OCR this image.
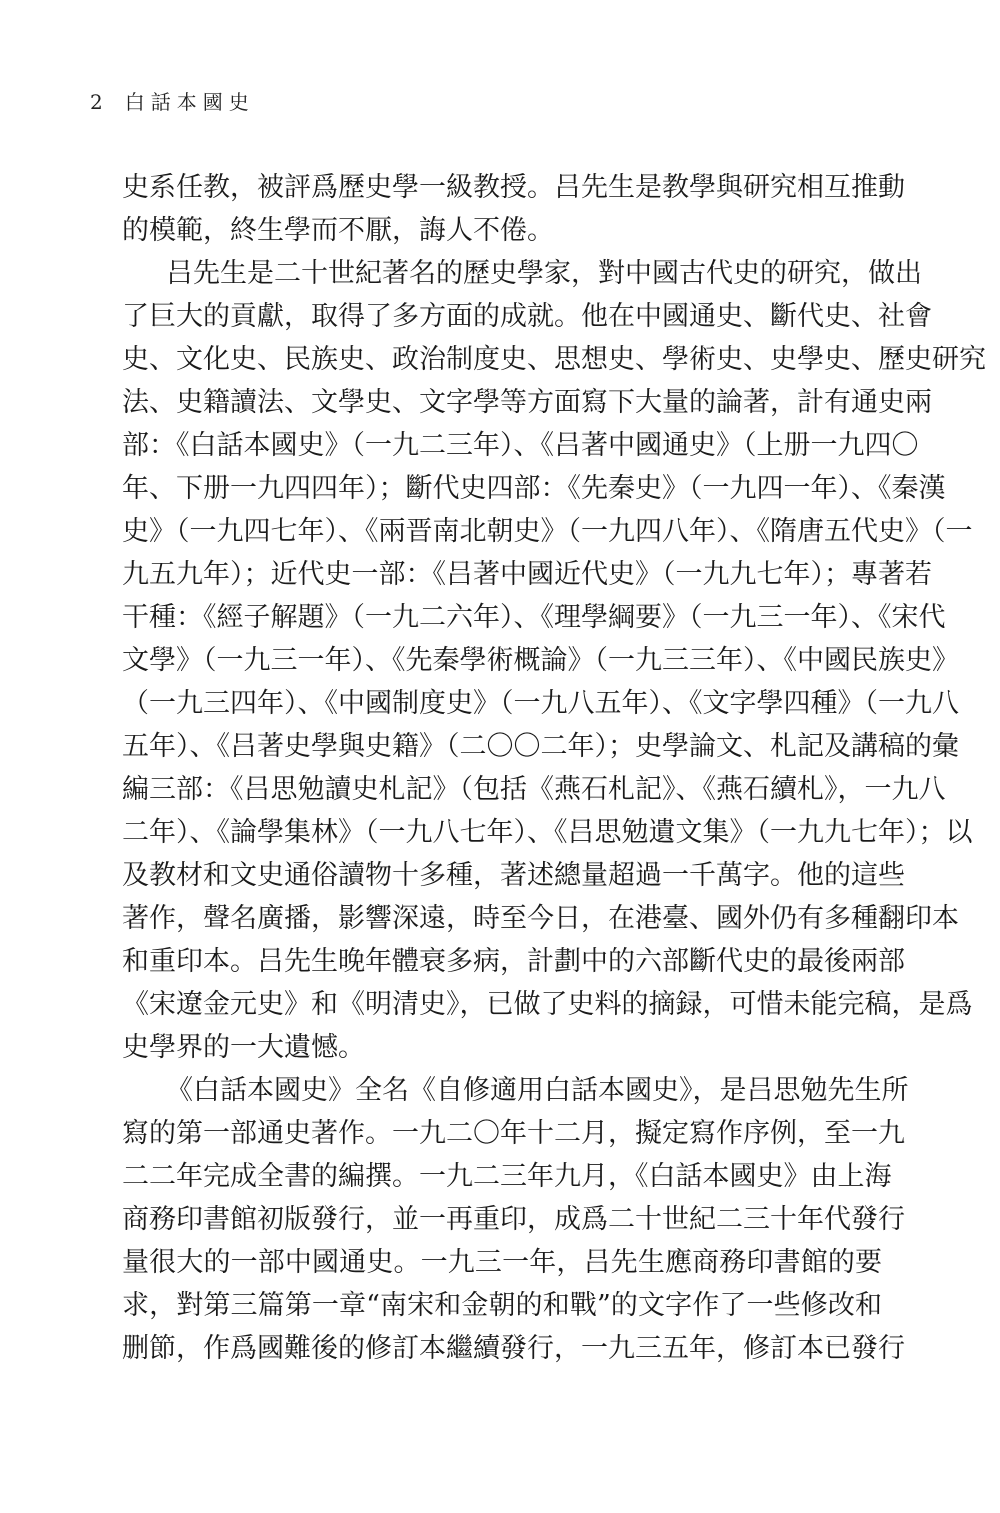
2 白話本國史
史系任教，被評爲歷史學一級教授。吕先生是教學與研究相互推動
的模範，終生學而不厭，誨人不倦。
吕先生是二十世紀著名的歷史學家，對中國古代史的研究，做出
了巨大的貢獻，取得了多方面的成就。他在中國通史、斷代史、社會
史、文化史、民族史、政治制度史、思想史、學術史、史學史、歷史研究
法、史籍讀法、文學史、文字學等方面寫下大量的論著，計有通史兩
部：《白話本國史》（一九二三年）、《吕著中國通史》（上册一九四〇
年、下册一九四四年）；斷代史四部：《先秦史》（一九四一年）、《秦漢
史》（一九四七年）、《兩晋南北朝史》（一九四八年）、《隋唐五代史》（一
九五九年）；近代史一部：《吕著中國近代史》（一九九七年）；專著若
干種：《經子解題》（一九二六年）、《理學綱要》（一九三一年）、《宋代
文學》（一九三一年）、《先秦學術概論》（一九三三年）、《中國民族史》
（一九三四年）、《中國制度史》（一九八五年）、《文字學四種》（一九八
五年）、《吕著史學與史籍》（二〇〇二年）；史學論文、札記及講稿的彙
編三部：《吕思勉讀史札記》（包括《燕石札記》、《燕石續札》，一九八
二年）、《論學集林》（一九八七年）、《吕思勉遺文集》（一九九七年）；以
及教材和文史通俗讀物十多種，著述總量超過一千萬字。他的這些
著作，聲名廣播，影響深遠，時至今日，在港臺、國外仍有多種翻印本
和重印本。吕先生晚年體衰多病，計劃中的六部斷代史的最後兩部
《宋遼金元史》和《明清史》，已做了史料的摘録，可惜未能完稿，是爲
史學界的一大遺憾。
《白話本國史》全名《自修適用白話本國史》，是吕思勉先生所
寫的第一部通史著作。一九二〇年十二月，擬定寫作序例，至一九
二二年完成全書的編撰。一九二三年九月，《白話本國史》由上海
商務印書館初版發行，並一再重印，成爲二十世紀二三十年代發行
量很大的一部中國通史。一九三一年，吕先生應商務印書館的要
求，對第三篇第一章“南宋和金朝的和戰”的文字作了一些修改和
删節，作爲國難後的修訂本繼續發行，一九三五年，修訂本已發行
